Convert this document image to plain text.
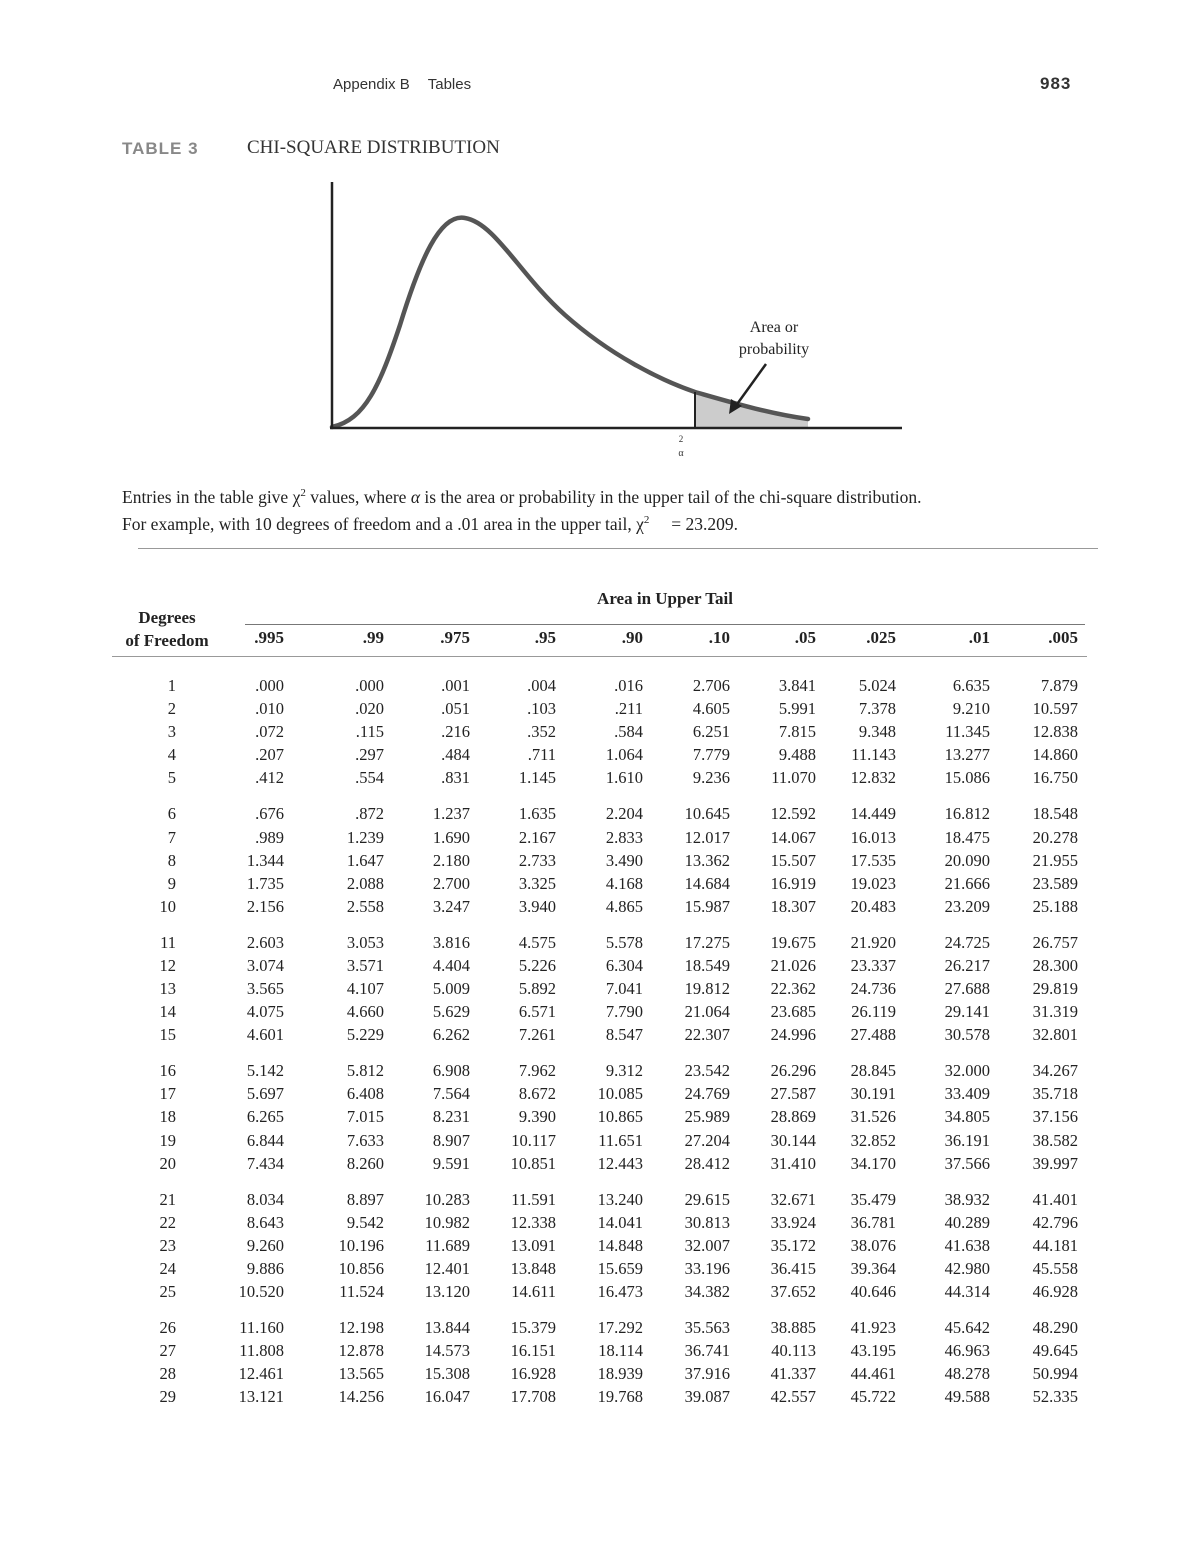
Appendix B Tables	983
TABLE 3	CHI-SQUARE DISTRIBUTION
Area or
probability
2
α

Entries in the table give $\chi^2$ values, where α is the area or probability in the upper tail of the chi-square distribution.

For example, with 10 degrees of freedom and a .01 area in the upper tail, $\chi^2$     = 23.209.

Area in Upper Tail
Degrees
of Freedom	.995	.99	.975	.95	.90	.10	.05	.025	.01	.005
1	.000	.000	.001	.004	.016	2.706	3.841	5.024	6.635	7.879
2	.010	.020	.051	.103	.211	4.605	5.991	7.378	9.210	10.597
3	.072	.115	.216	.352	.584	6.251	7.815	9.348	11.345	12.838
4	.207	.297	.484	.711	1.064	7.779	9.488	11.143	13.277	14.860
5	.412	.554	.831	1.145	1.610	9.236	11.070	12.832	15.086	16.750
6	.676	.872	1.237	1.635	2.204	10.645	12.592	14.449	16.812	18.548
7	.989	1.239	1.690	2.167	2.833	12.017	14.067	16.013	18.475	20.278
8	1.344	1.647	2.180	2.733	3.490	13.362	15.507	17.535	20.090	21.955
9	1.735	2.088	2.700	3.325	4.168	14.684	16.919	19.023	21.666	23.589
10	2.156	2.558	3.247	3.940	4.865	15.987	18.307	20.483	23.209	25.188
11	2.603	3.053	3.816	4.575	5.578	17.275	19.675	21.920	24.725	26.757
12	3.074	3.571	4.404	5.226	6.304	18.549	21.026	23.337	26.217	28.300
13	3.565	4.107	5.009	5.892	7.041	19.812	22.362	24.736	27.688	29.819
14	4.075	4.660	5.629	6.571	7.790	21.064	23.685	26.119	29.141	31.319
15	4.601	5.229	6.262	7.261	8.547	22.307	24.996	27.488	30.578	32.801
16	5.142	5.812	6.908	7.962	9.312	23.542	26.296	28.845	32.000	34.267
17	5.697	6.408	7.564	8.672	10.085	24.769	27.587	30.191	33.409	35.718
18	6.265	7.015	8.231	9.390	10.865	25.989	28.869	31.526	34.805	37.156
19	6.844	7.633	8.907	10.117	11.651	27.204	30.144	32.852	36.191	38.582
20	7.434	8.260	9.591	10.851	12.443	28.412	31.410	34.170	37.566	39.997
21	8.034	8.897	10.283	11.591	13.240	29.615	32.671	35.479	38.932	41.401
22	8.643	9.542	10.982	12.338	14.041	30.813	33.924	36.781	40.289	42.796
23	9.260	10.196	11.689	13.091	14.848	32.007	35.172	38.076	41.638	44.181
24	9.886	10.856	12.401	13.848	15.659	33.196	36.415	39.364	42.980	45.558
25	10.520	11.524	13.120	14.611	16.473	34.382	37.652	40.646	44.314	46.928
26	11.160	12.198	13.844	15.379	17.292	35.563	38.885	41.923	45.642	48.290
27	11.808	12.878	14.573	16.151	18.114	36.741	40.113	43.195	46.963	49.645
28	12.461	13.565	15.308	16.928	18.939	37.916	41.337	44.461	48.278	50.994
29	13.121	14.256	16.047	17.708	19.768	39.087	42.557	45.722	49.588	52.335
